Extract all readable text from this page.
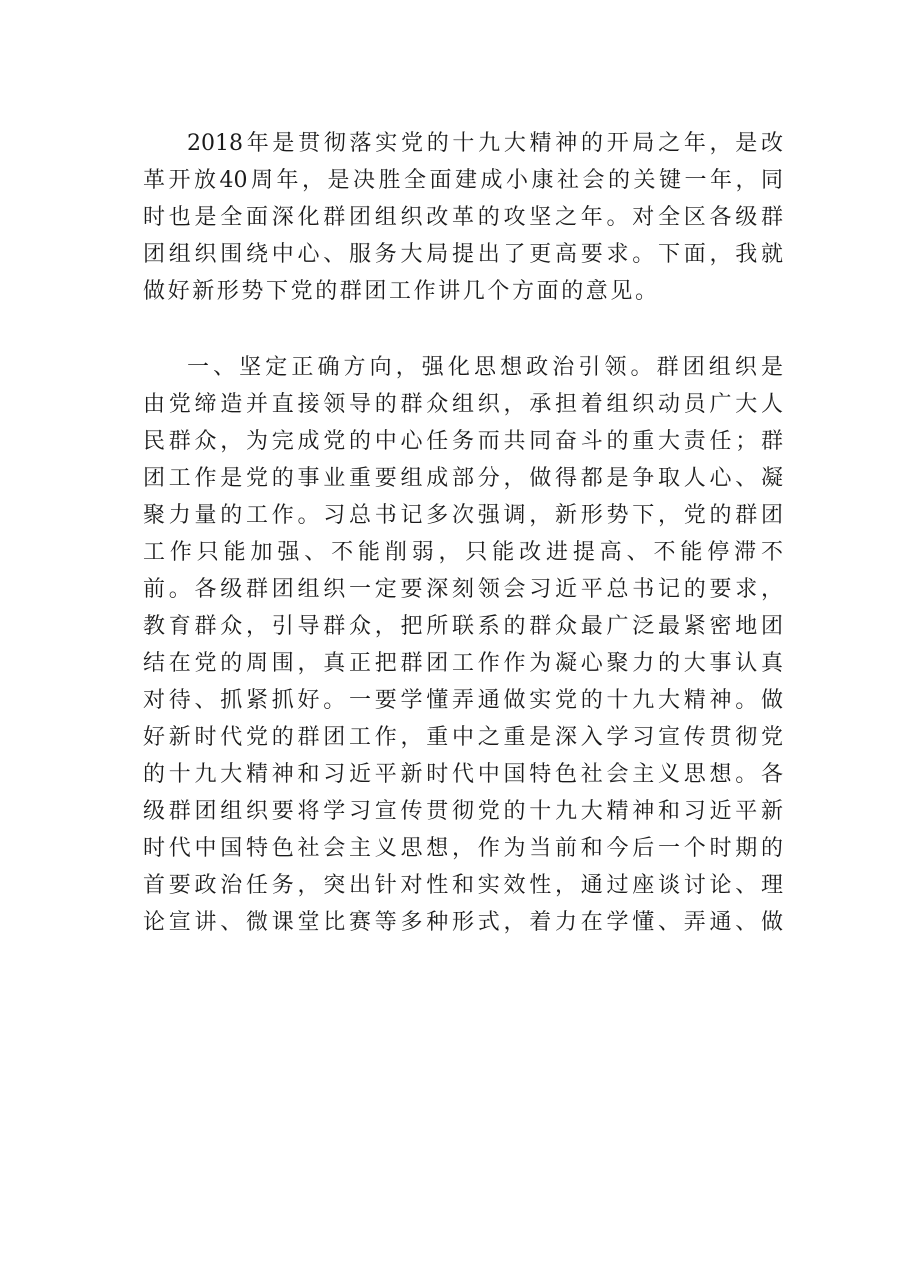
2018年是贯彻落实党的十九大精神的开局之年，是改
革开放40周年，是决胜全面建成小康社会的关键一年，同
时也是全面深化群团组织改革的攻坚之年。对全区各级群
团组织围绕中心、服务大局提出了更高要求。下面，我就
做好新形势下党的群团工作讲几个方面的意见。
一、坚定正确方向，强化思想政治引领。群团组织是
由党缔造并直接领导的群众组织，承担着组织动员广大人
民群众，为完成党的中心任务而共同奋斗的重大责任；群
团工作是党的事业重要组成部分，做得都是争取人心、凝
聚力量的工作。习总书记多次强调，新形势下，党的群团
工作只能加强、不能削弱，只能改进提高、不能停滞不
前。各级群团组织一定要深刻领会习近平总书记的要求，
教育群众，引导群众，把所联系的群众最广泛最紧密地团
结在党的周围，真正把群团工作作为凝心聚力的大事认真
对待、抓紧抓好。一要学懂弄通做实党的十九大精神。做
好新时代党的群团工作，重中之重是深入学习宣传贯彻党
的十九大精神和习近平新时代中国特色社会主义思想。各
级群团组织要将学习宣传贯彻党的十九大精神和习近平新
时代中国特色社会主义思想，作为当前和今后一个时期的
首要政治任务，突出针对性和实效性，通过座谈讨论、理
论宣讲、微课堂比赛等多种形式，着力在学懂、弄通、做
